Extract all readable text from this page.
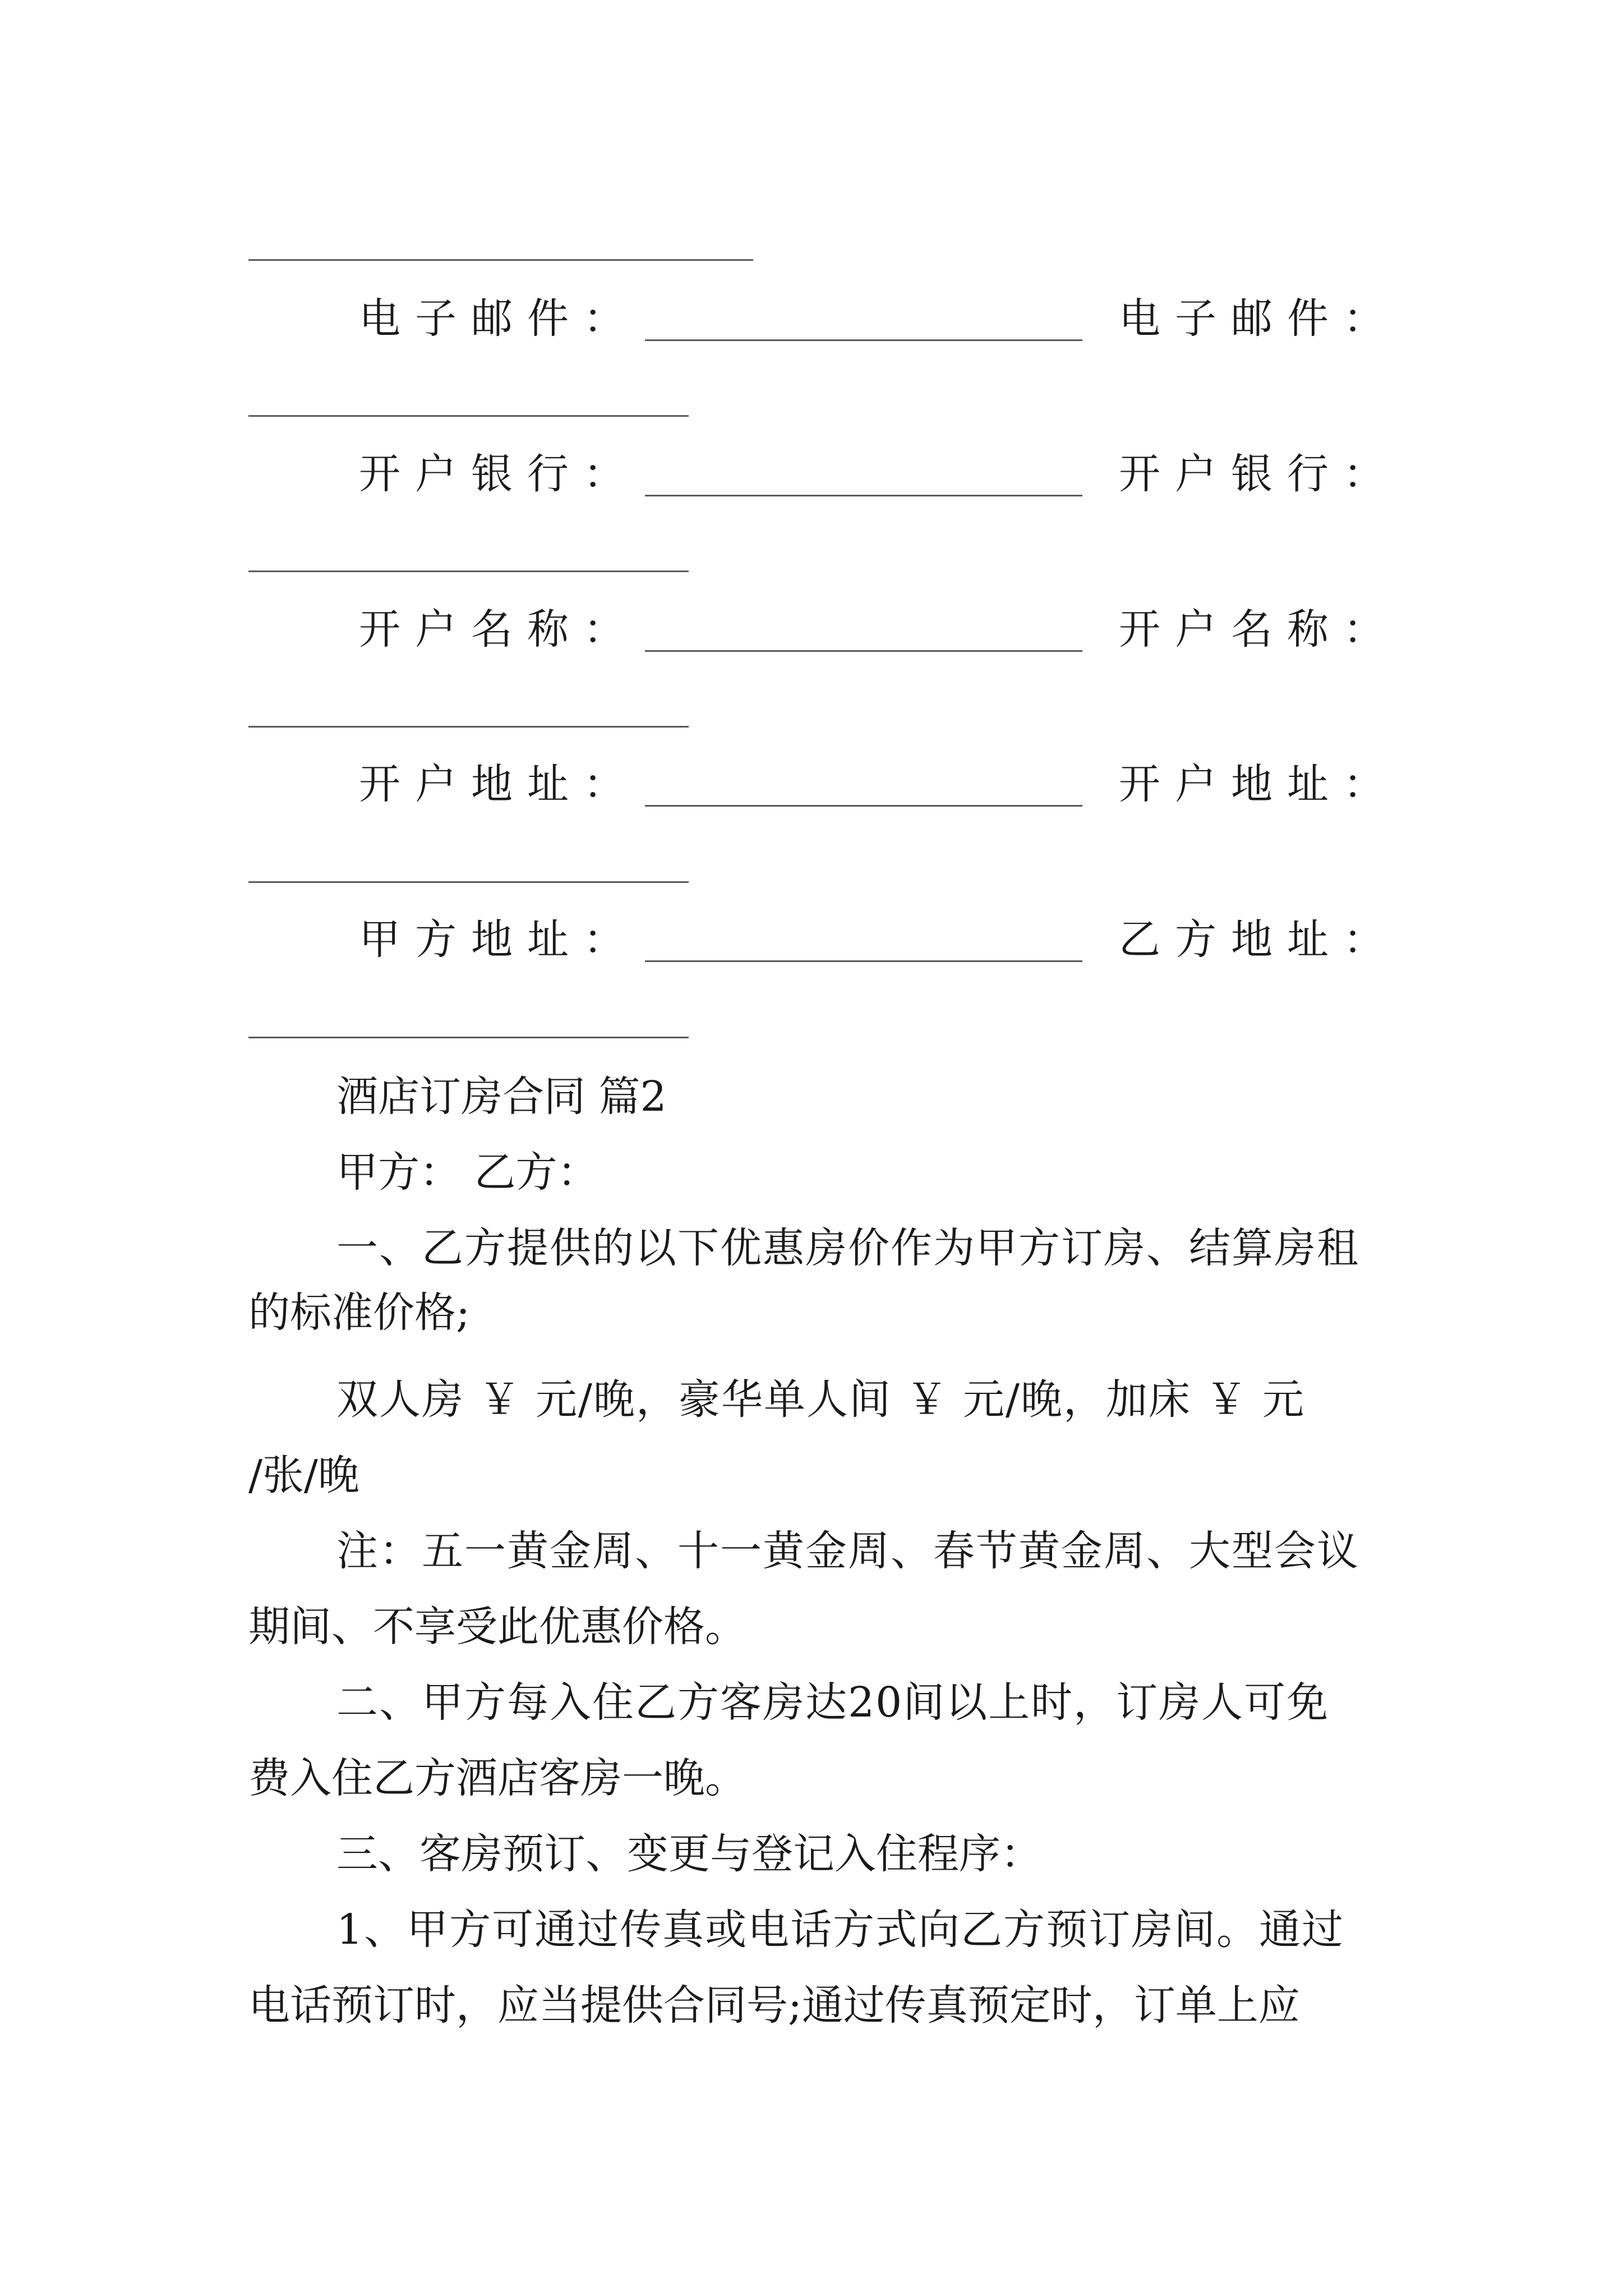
电子邮件：	电子邮件：
开户银行：	开户银行：
开户名称：	开户名称：
开户地址：	开户地址：
甲方地址：	乙方地址：
酒店订房合同 篇2
甲方： 乙方：
一、乙方提供的以下优惠房价作为甲方订房、结算房租
的标准价格;
双人房 ￥ 元/晚，豪华单人间 ￥ 元/晚，加床 ￥ 元
/张/晚
注：五一黄金周、十一黄金周、春节黄金周、大型会议
期间、不享受此优惠价格。
二、甲方每入住乙方客房达20间以上时，订房人可免
费入住乙方酒店客房一晚。
三、客房预订、变更与登记入住程序：
1、甲方可通过传真或电话方式向乙方预订房间。通过
电话预订时，应当提供合同号;通过传真预定时，订单上应
